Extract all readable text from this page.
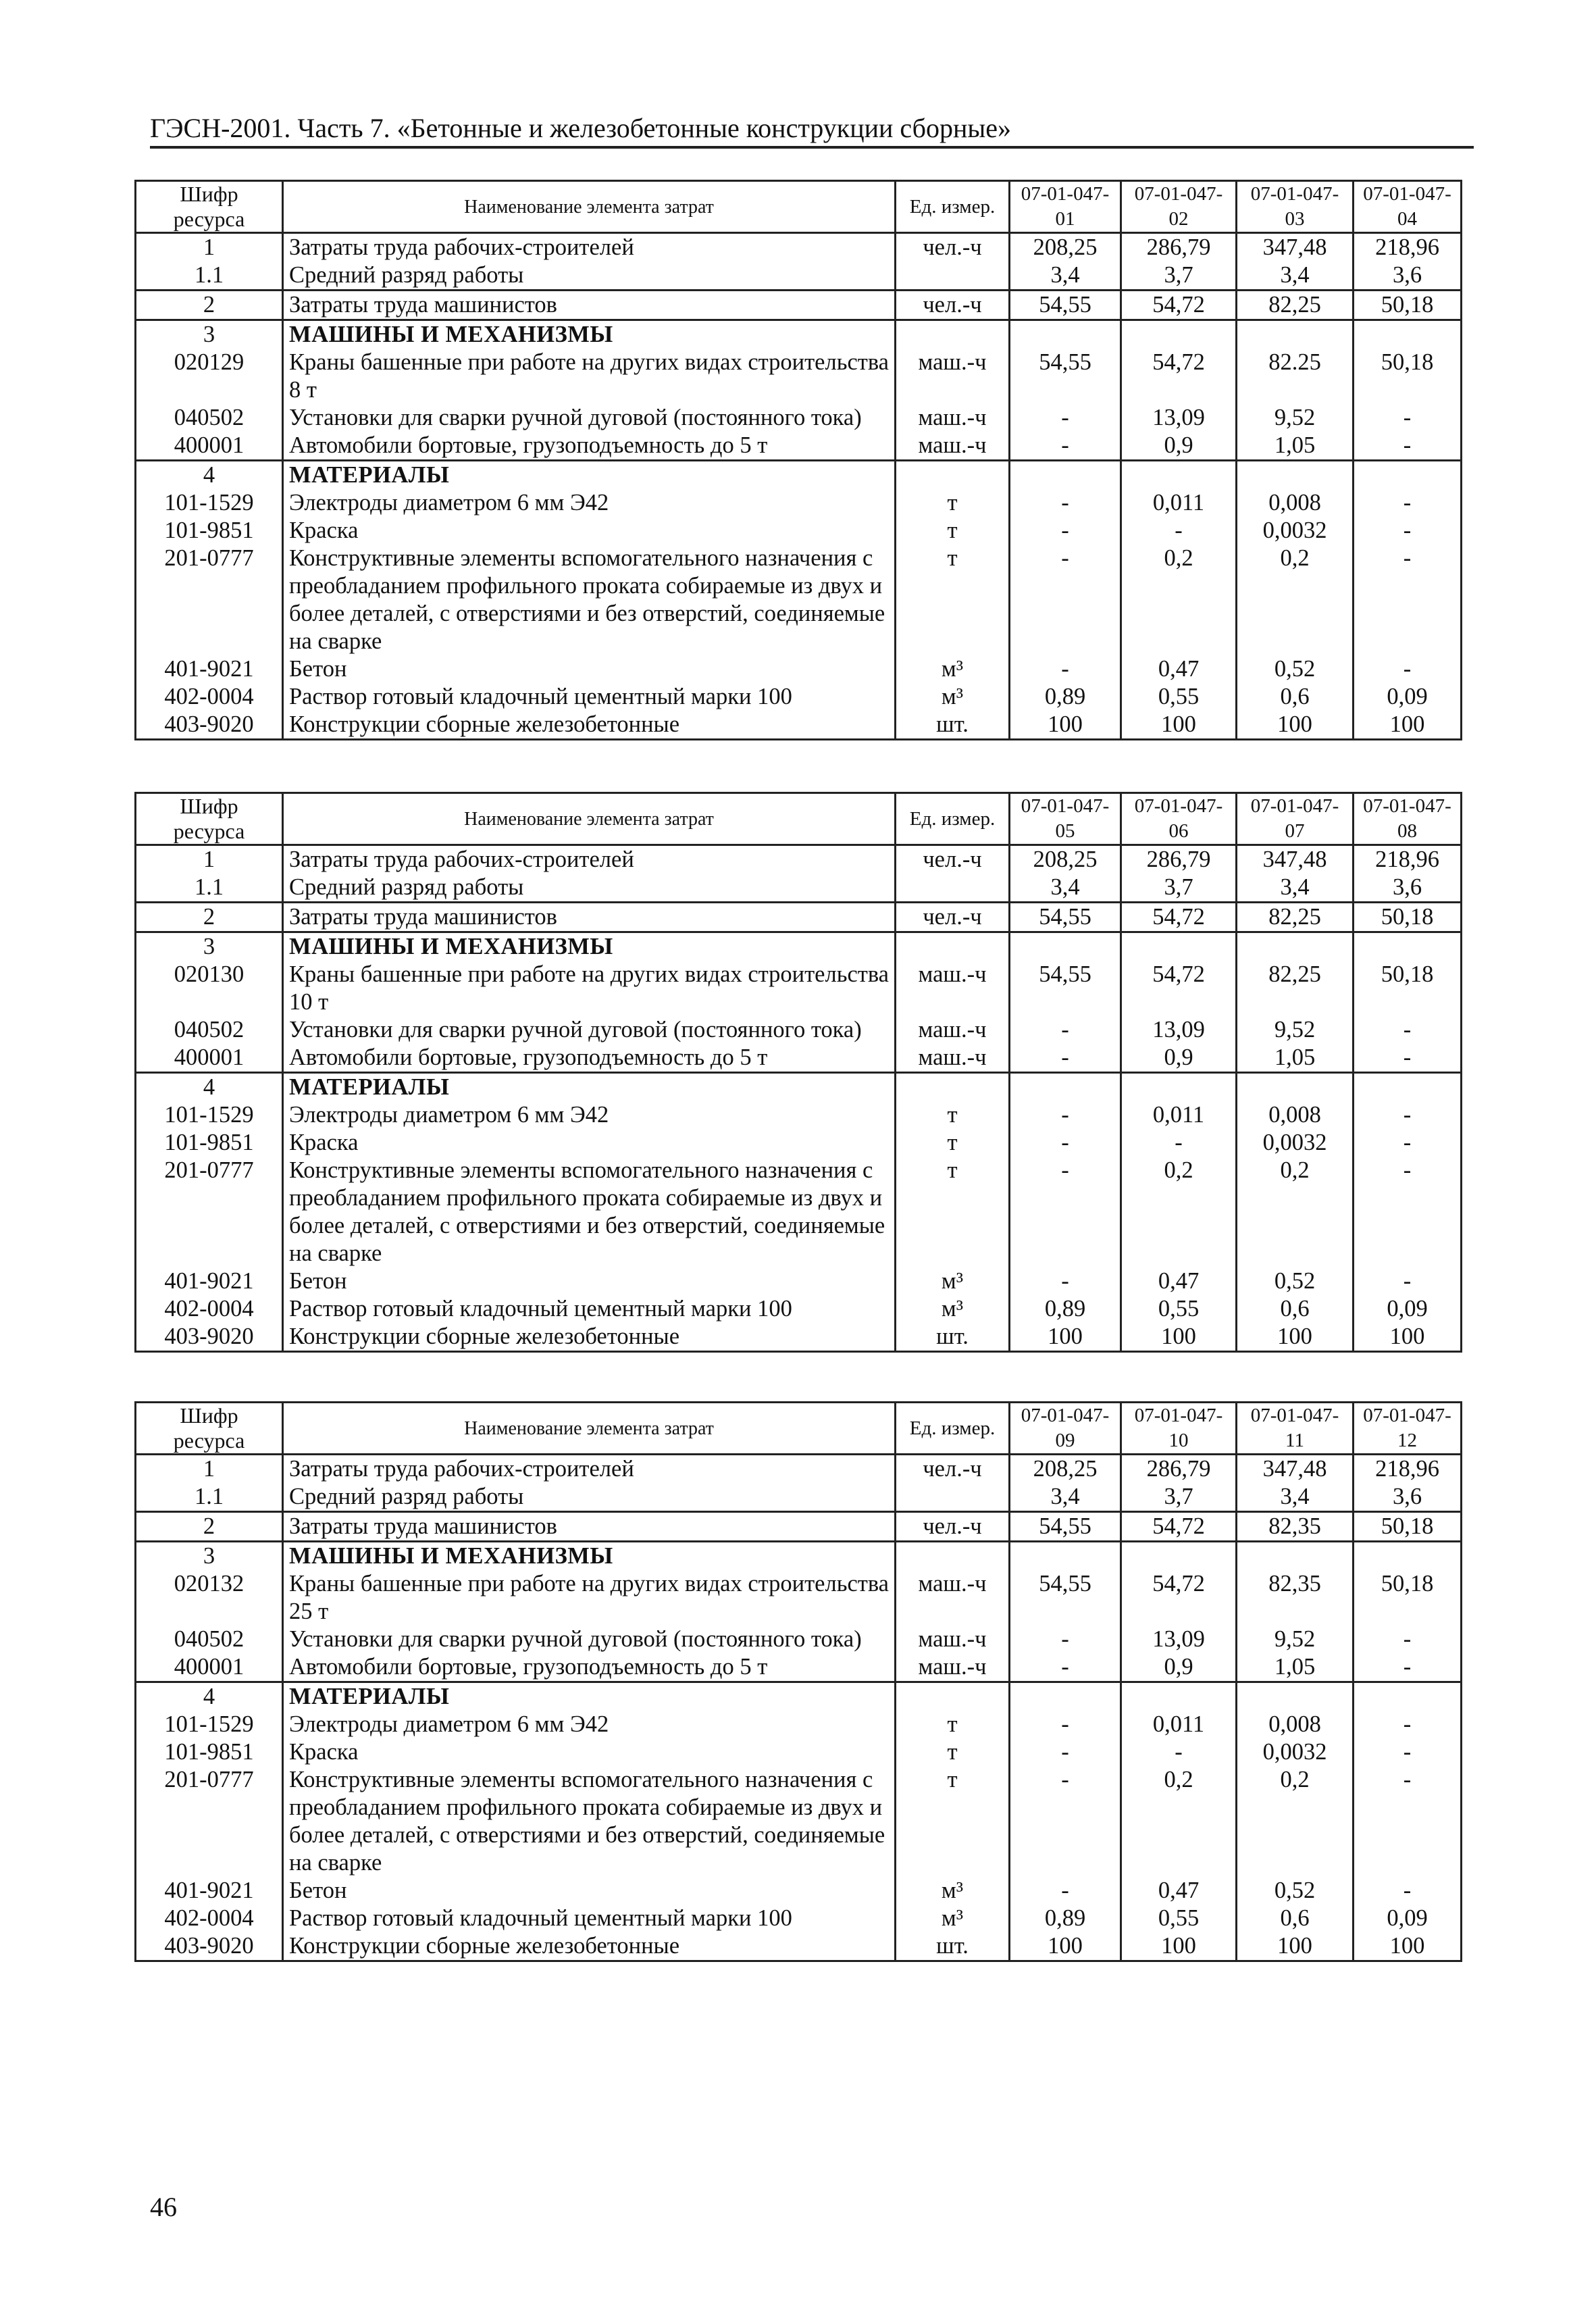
ГЭСН-2001. Часть 7. «Бетонные и железобетонные конструкции сборные»
Шифр ресурса	Наименование элемента затрат	Ед. измер.	07-01-047-01	07-01-047-02	07-01-047-03	07-01-047-04
1	Затраты труда рабочих-строителей	чел.-ч	208,25	286,79	347,48	218,96
1.1	Средний разряд работы		3,4	3,7	3,4	3,6
2	Затраты труда машинистов	чел.-ч	54,55	54,72	82,25	50,18
3	МАШИНЫ И МЕХАНИЗМЫ					
020129	Краны башенные при работе на других видах строительства 8 т	маш.-ч	54,55	54,72	82.25	50,18
040502	Установки для сварки ручной дуговой (постоянного тока)	маш.-ч	-	13,09	9,52	-
400001	Автомобили бортовые, грузоподъемность до 5 т	маш.-ч	-	0,9	1,05	-
4	МАТЕРИАЛЫ					
101-1529	Электроды диаметром 6 мм Э42	т	-	0,011	0,008	-
101-9851	Краска	т	-	-	0,0032	-
201-0777	Конструктивные элементы вспомогательного назначения с преобладанием профильного проката собираемые из двух и более деталей, с отверстиями и без отверстий, соединяемые на сварке	т	-	0,2	0,2	-
401-9021	Бетон	м³	-	0,47	0,52	-
402-0004	Раствор готовый кладочный цементный марки 100	м³	0,89	0,55	0,6	0,09
403-9020	Конструкции сборные железобетонные	шт.	100	100	100	100
Шифр ресурса	Наименование элемента затрат	Ед. измер.	07-01-047-05	07-01-047-06	07-01-047-07	07-01-047-08
1	Затраты труда рабочих-строителей	чел.-ч	208,25	286,79	347,48	218,96
1.1	Средний разряд работы		3,4	3,7	3,4	3,6
2	Затраты труда машинистов	чел.-ч	54,55	54,72	82,25	50,18
3	МАШИНЫ И МЕХАНИЗМЫ					
020130	Краны башенные при работе на других видах строительства 10 т	маш.-ч	54,55	54,72	82,25	50,18
040502	Установки для сварки ручной дуговой (постоянного тока)	маш.-ч	-	13,09	9,52	-
400001	Автомобили бортовые, грузоподъемность до 5 т	маш.-ч	-	0,9	1,05	-
4	МАТЕРИАЛЫ					
101-1529	Электроды диаметром 6 мм Э42	т	-	0,011	0,008	-
101-9851	Краска	т	-	-	0,0032	-
201-0777	Конструктивные элементы вспомогательного назначения с преобладанием профильного проката собираемые из двух и более деталей, с отверстиями и без отверстий, соединяемые на сварке	т	-	0,2	0,2	-
401-9021	Бетон	м³	-	0,47	0,52	-
402-0004	Раствор готовый кладочный цементный марки 100	м³	0,89	0,55	0,6	0,09
403-9020	Конструкции сборные железобетонные	шт.	100	100	100	100
Шифр ресурса	Наименование элемента затрат	Ед. измер.	07-01-047-09	07-01-047-10	07-01-047-11	07-01-047-12
1	Затраты труда рабочих-строителей	чел.-ч	208,25	286,79	347,48	218,96
1.1	Средний разряд работы		3,4	3,7	3,4	3,6
2	Затраты труда машинистов	чел.-ч	54,55	54,72	82,35	50,18
3	МАШИНЫ И МЕХАНИЗМЫ					
020132	Краны башенные при работе на других видах строительства 25 т	маш.-ч	54,55	54,72	82,35	50,18
040502	Установки для сварки ручной дуговой (постоянного тока)	маш.-ч	-	13,09	9,52	-
400001	Автомобили бортовые, грузоподъемность до 5 т	маш.-ч	-	0,9	1,05	-
4	МАТЕРИАЛЫ					
101-1529	Электроды диаметром 6 мм Э42	т	-	0,011	0,008	-
101-9851	Краска	т	-	-	0,0032	-
201-0777	Конструктивные элементы вспомогательного назначения с преобладанием профильного проката собираемые из двух и более деталей, с отверстиями и без отверстий, соединяемые на сварке	т	-	0,2	0,2	-
401-9021	Бетон	м³	-	0,47	0,52	-
402-0004	Раствор готовый кладочный цементный марки 100	м³	0,89	0,55	0,6	0,09
403-9020	Конструкции сборные железобетонные	шт.	100	100	100	100
46
